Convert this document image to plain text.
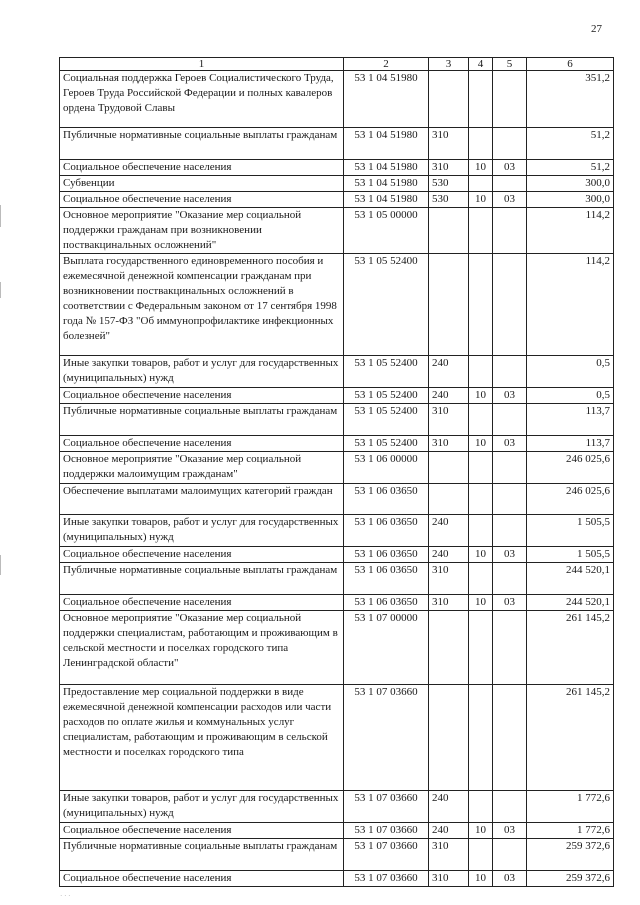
27
· · ·
1	2	3	4	5	6
Социальная поддержка Героев Социалистического Труда, Героев Труда Российской Федерации и полных кавалеров ордена Трудовой Славы	53 1 04 51980				351,2
Публичные нормативные социальные выплаты гражданам	53 1 04 51980	310			51,2
Социальное обеспечение населения	53 1 04 51980	310	10	03	51,2
Субвенции	53 1 04 51980	530			300,0
Социальное обеспечение населения	53 1 04 51980	530	10	03	300,0
Основное мероприятие "Оказание мер социальной поддержки гражданам при возникновении поствакцинальных осложнений"	53 1 05 00000				114,2
Выплата государственного единовременного пособия и ежемесячной денежной компенсации гражданам при возникновении поствакцинальных осложнений в соответствии с Федеральным законом от 17 сентября 1998 года № 157-ФЗ "Об иммунопрофилактике инфекционных болезней"	53 1 05 52400				114,2
Иные закупки товаров, работ и услуг для государственных (муниципальных) нужд	53 1 05 52400	240			0,5
Социальное обеспечение населения	53 1 05 52400	240	10	03	0,5
Публичные нормативные социальные выплаты гражданам	53 1 05 52400	310			113,7
Социальное обеспечение населения	53 1 05 52400	310	10	03	113,7
Основное мероприятие "Оказание мер социальной поддержки малоимущим гражданам"	53 1 06 00000				246 025,6
Обеспечение выплатами малоимущих категорий граждан	53 1 06 03650				246 025,6
Иные закупки товаров, работ и услуг для государственных (муниципальных) нужд	53 1 06 03650	240			1 505,5
Социальное обеспечение населения	53 1 06 03650	240	10	03	1 505,5
Публичные нормативные социальные выплаты гражданам	53 1 06 03650	310			244 520,1
Социальное обеспечение населения	53 1 06 03650	310	10	03	244 520,1
Основное мероприятие "Оказание мер социальной поддержки специалистам, работающим и проживающим в сельской местности и поселках городского типа Ленинградской области"	53 1 07 00000				261 145,2
Предоставление мер социальной поддержки в виде ежемесячной денежной компенсации расходов или части расходов по оплате жилья и коммунальных услуг специалистам, работающим и проживающим в сельской местности и поселках городского типа	53 1 07 03660				261 145,2
Иные закупки товаров, работ и услуг для государственных (муниципальных) нужд	53 1 07 03660	240			1 772,6
Социальное обеспечение населения	53 1 07 03660	240	10	03	1 772,6
Публичные нормативные социальные выплаты гражданам	53 1 07 03660	310			259 372,6
Социальное обеспечение населения	53 1 07 03660	310	10	03	259 372,6
